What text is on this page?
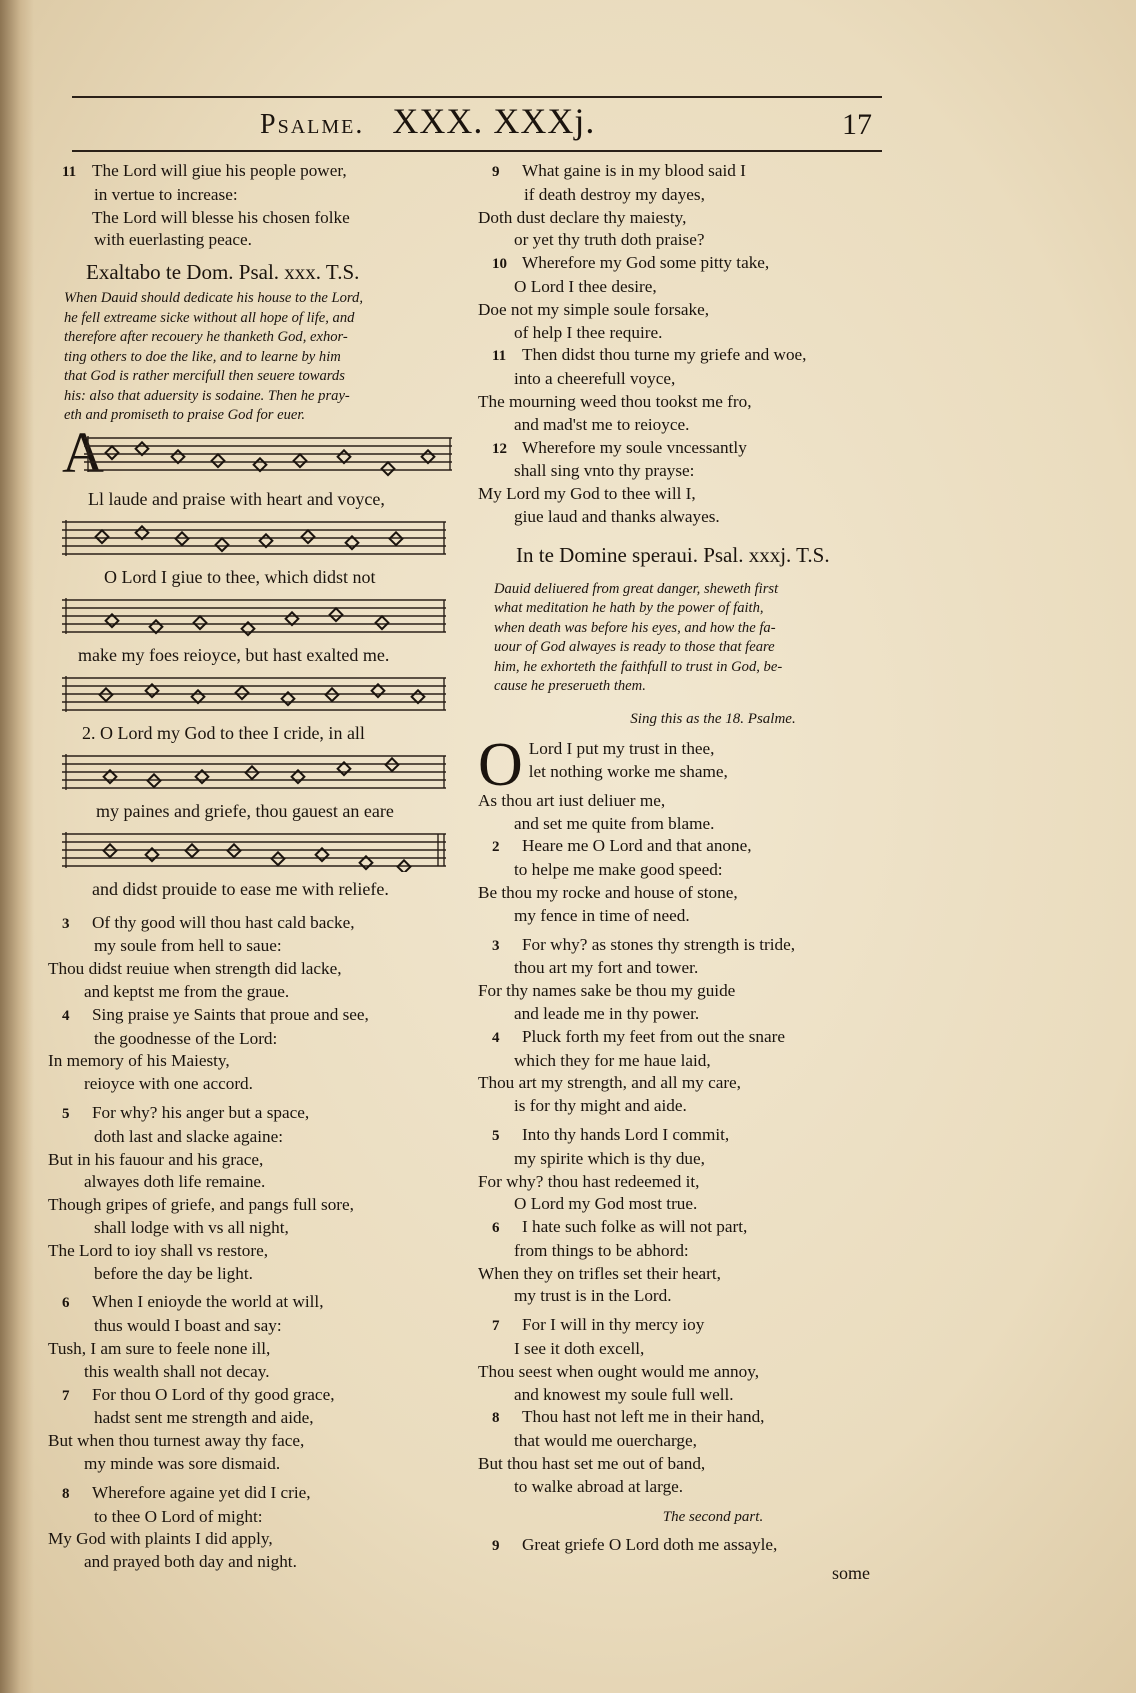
Psalme. XXX. XXXj.	17
11 The Lord will giue his people power,
in vertue to increase:
The Lord will blesse his chosen folke
with euerlasting peace.
Exaltabo te Dom. Psal. xxx. T.S.
When Dauid should dedicate his house to the Lord,
he fell extreame sicke without all hope of life, and
therefore after recouery he thanketh God, exhor-
ting others to doe the like, and to learne by him
that God is rather mercifull then seuere towards
his: also that aduersity is sodaine. Then he pray-
eth and promiseth to praise God for euer.
A
Ll laude and praise with heart and voyce,
O Lord I giue to thee, which didst not
make my foes reioyce, but hast exalted me.
2. O Lord my God to thee I cride, in all
my paines and griefe, thou gauest an eare
and didst prouide to ease me with reliefe.
3 Of thy good will thou hast cald backe,
my soule from hell to saue:
Thou didst reuiue when strength did lacke,
and keptst me from the graue.
4 Sing praise ye Saints that proue and see,
the goodnesse of the Lord:
In memory of his Maiesty,
reioyce with one accord.
5 For why? his anger but a space,
doth last and slacke againe:
But in his fauour and his grace,
alwayes doth life remaine.
Though gripes of griefe, and pangs full sore,
shall lodge with vs all night,
The Lord to ioy shall vs restore,
before the day be light.
6 When I enioyde the world at will,
thus would I boast and say:
Tush, I am sure to feele none ill,
this wealth shall not decay.
7 For thou O Lord of thy good grace,
hadst sent me strength and aide,
But when thou turnest away thy face,
my minde was sore dismaid.
8 Wherefore againe yet did I crie,
to thee O Lord of might:
My God with plaints I did apply,
and prayed both day and night.
9 What gaine is in my blood said I
if death destroy my dayes,
Doth dust declare thy maiesty,
or yet thy truth doth praise?
10 Wherefore my God some pitty take,
O Lord I thee desire,
Doe not my simple soule forsake,
of help I thee require.
11 Then didst thou turne my griefe and woe,
into a cheerefull voyce,
The mourning weed thou tookst me fro,
and mad'st me to reioyce.
12 Wherefore my soule vncessantly
shall sing vnto thy prayse:
My Lord my God to thee will I,
giue laud and thanks alwayes.
In te Domine speraui. Psal. xxxj. T.S.
Dauid deliuered from great danger, sheweth first
what meditation he hath by the power of faith,
when death was before his eyes, and how the fa-
uour of God alwayes is ready to those that feare
him, he exhorteth the faithfull to trust in God, be-
cause he preserueth them.
Sing this as the 18. Psalme.
O Lord I put my trust in thee,
let nothing worke me shame,
As thou art iust deliuer me,
and set me quite from blame.
2 Heare me O Lord and that anone,
to helpe me make good speed:
Be thou my rocke and house of stone,
my fence in time of need.
3 For why? as stones thy strength is tride,
thou art my fort and tower.
For thy names sake be thou my guide
and leade me in thy power.
4 Pluck forth my feet from out the snare
which they for me haue laid,
Thou art my strength, and all my care,
is for thy might and aide.
5 Into thy hands Lord I commit,
my spirite which is thy due,
For why? thou hast redeemed it,
O Lord my God most true.
6 I hate such folke as will not part,
from things to be abhord:
When they on trifles set their heart,
my trust is in the Lord.
7 For I will in thy mercy ioy
I see it doth excell,
Thou seest when ought would me annoy,
and knowest my soule full well.
8 Thou hast not left me in their hand,
that would me ouercharge,
But thou hast set me out of band,
to walke abroad at large.
The second part.
9 Great griefe O Lord doth me assayle,
some
